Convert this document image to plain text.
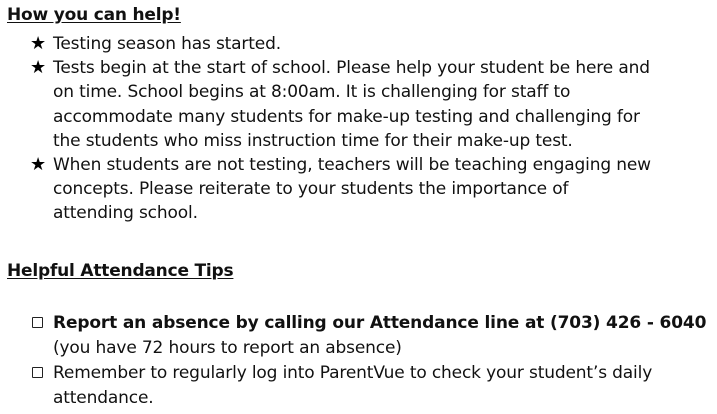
How you can help!
★ Testing season has started.
★ Tests begin at the start of school. Please help your student be here and
on time. School begins at 8:00am. It is challenging for staff to
accommodate many students for make-up testing and challenging for
the students who miss instruction time for their make-up test.
★ When students are not testing, teachers will be teaching engaging new
concepts. Please reiterate to your students the importance of
attending school.
Helpful Attendance Tips
Report an absence by calling our Attendance line at (703) 426 - 6040
(you have 72 hours to report an absence)
Remember to regularly log into ParentVue to check your student’s daily
attendance.
